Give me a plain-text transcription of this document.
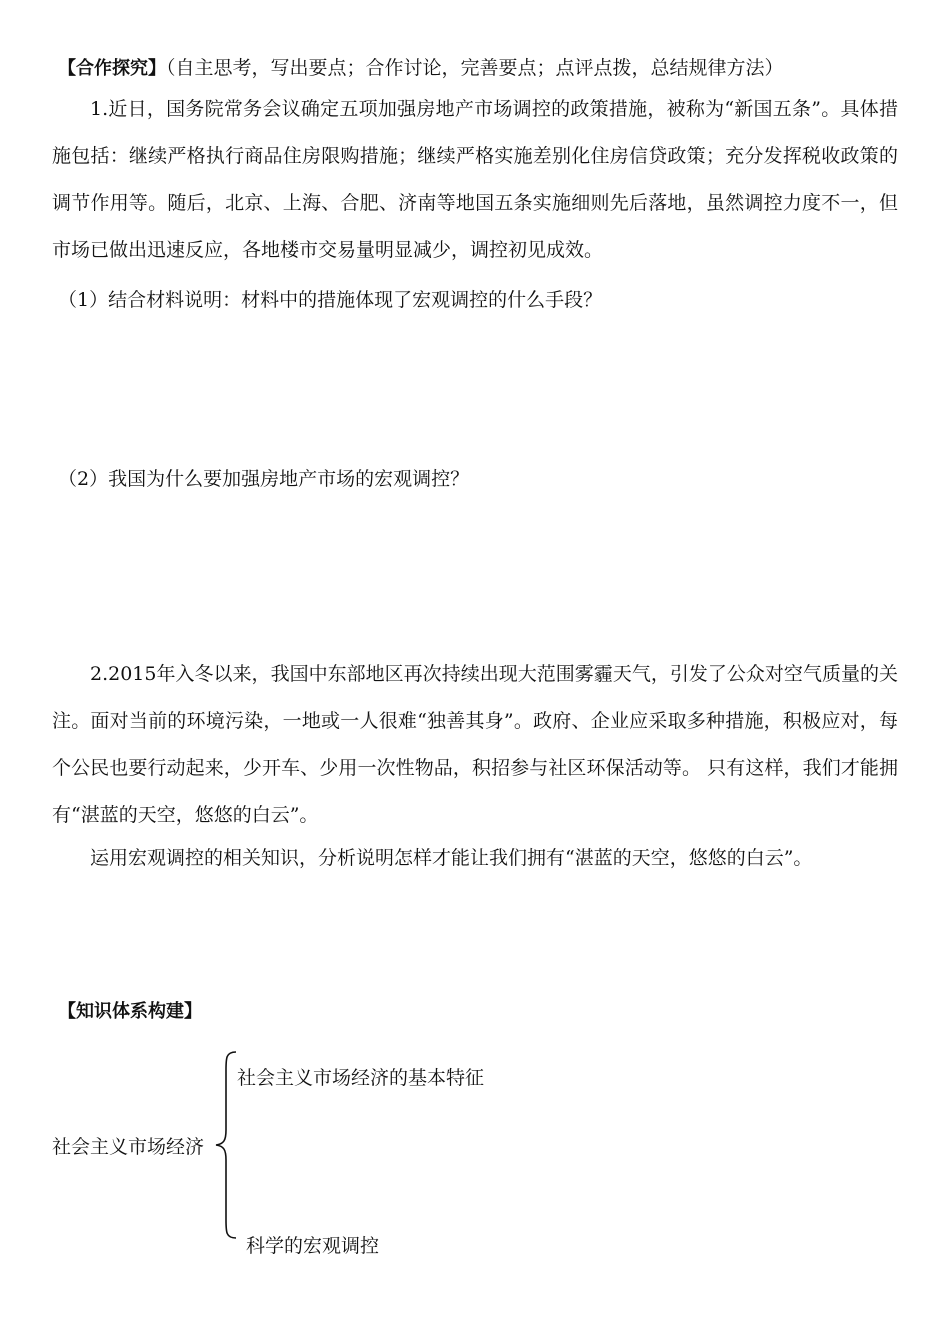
【合作探究】（自主思考，写出要点；合作讨论，完善要点；点评点拨，总结规律方法）
1.近日，国务院常务会议确定五项加强房地产市场调控的政策措施，被称为“新国五条”。具体措施包括：继续严格执行商品住房限购措施；继续严格实施差别化住房信贷政策；充分发挥税收政策的调节作用等。随后，北京、上海、合肥、济南等地国五条实施细则先后落地，虽然调控力度不一，但市场已做出迅速反应，各地楼市交易量明显减少，调控初见成效。
（1）结合材料说明：材料中的措施体现了宏观调控的什么手段？
（2）我国为什么要加强房地产市场的宏观调控？
2.2015年入冬以来，我国中东部地区再次持续出现大范围雾霾天气，引发了公众对空气质量的关注。面对当前的环境污染，一地或一人很难“独善其身”。政府、企业应采取多种措施，积极应对，每个公民也要行动起来，少开车、少用一次性物品，积招参与社区环保活动等。 只有这样，我们才能拥有“湛蓝的天空，悠悠的白云”。
运用宏观调控的相关知识，分析说明怎样才能让我们拥有“湛蓝的天空，悠悠的白云”。
【知识体系构建】
社会主义市场经济
社会主义市场经济的基本特征
科学的宏观调控
